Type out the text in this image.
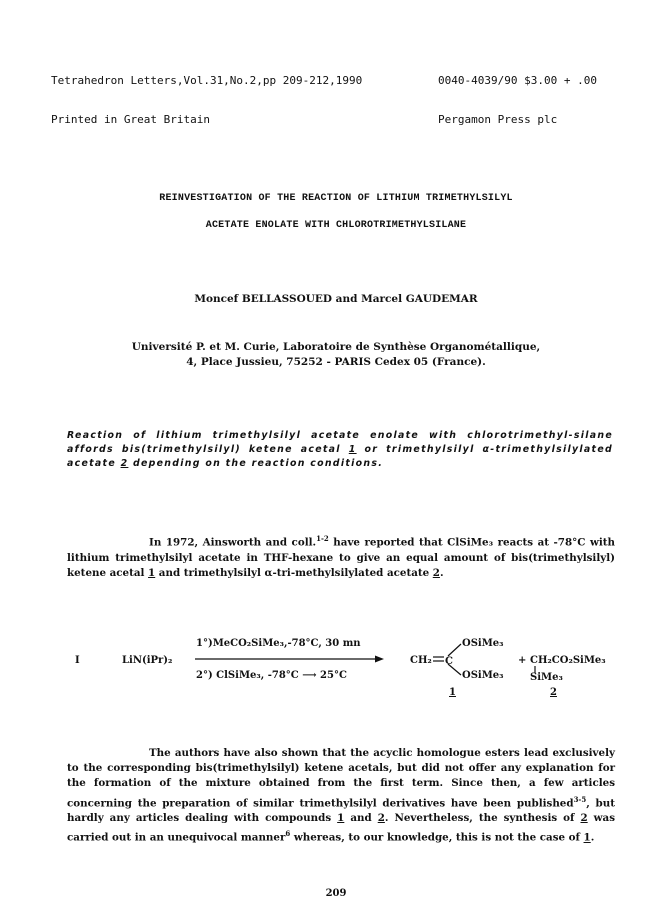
Tetrahedron Letters,Vol.31,No.2,pp 209-212,1990

Printed in Great Britain

0040-4039/90 $3.00 + .00

Pergamon Press plc

REINVESTIGATION OF THE REACTION OF LITHIUM TRIMETHYLSILYL
ACETATE ENOLATE WITH CHLOROTRIMETHYLSILANE
Moncef BELLASSOUED and Marcel GAUDEMAR
Université P. et M. Curie, Laboratoire de Synthèse Organométallique,
4, Place Jussieu, 75252 - PARIS Cedex 05 (France).

Reaction of lithium trimethylsilyl acetate enolate with chlorotrimethyl-silane affords bis(trimethylsilyl) ketene acetal 1 or trimethylsilyl α-trimethylsilylated acetate 2 depending on the reaction conditions.

In 1972, Ainsworth and coll.$^{1-2}$ have reported that ClSiMe₃ reacts at -78°C with lithium trimethylsilyl acetate in THF-hexane to give an equal amount of bis(trimethylsilyl) ketene acetal 1 and trimethylsilyl α-tri-methylsilylated acetate 2.

I	LiN(iPr)₂
1°)MeCO₂SiMe₃,-78°C, 30 mn
2°) ClSiMe₃, -78°C ⟶ 25°C
CH₂ C
OSiMe₃
OSiMe₃
1
+ CH₂CO₂SiMe₃
SiMe₃
2

The authors have also shown that the acyclic homologue esters lead exclusively to the corresponding bis(trimethylsilyl) ketene acetals, but did not offer any explanation for the formation of the mixture obtained from the first term. Since then, a few articles concerning the preparation of similar trimethylsilyl derivatives have been published$^{3-5}$, but hardly any articles dealing with compounds 1 and 2. Nevertheless, the synthesis of 2 was carried out in an unequivocal manner$^6$ whereas, to our knowledge, this is not the case of 1.

209
